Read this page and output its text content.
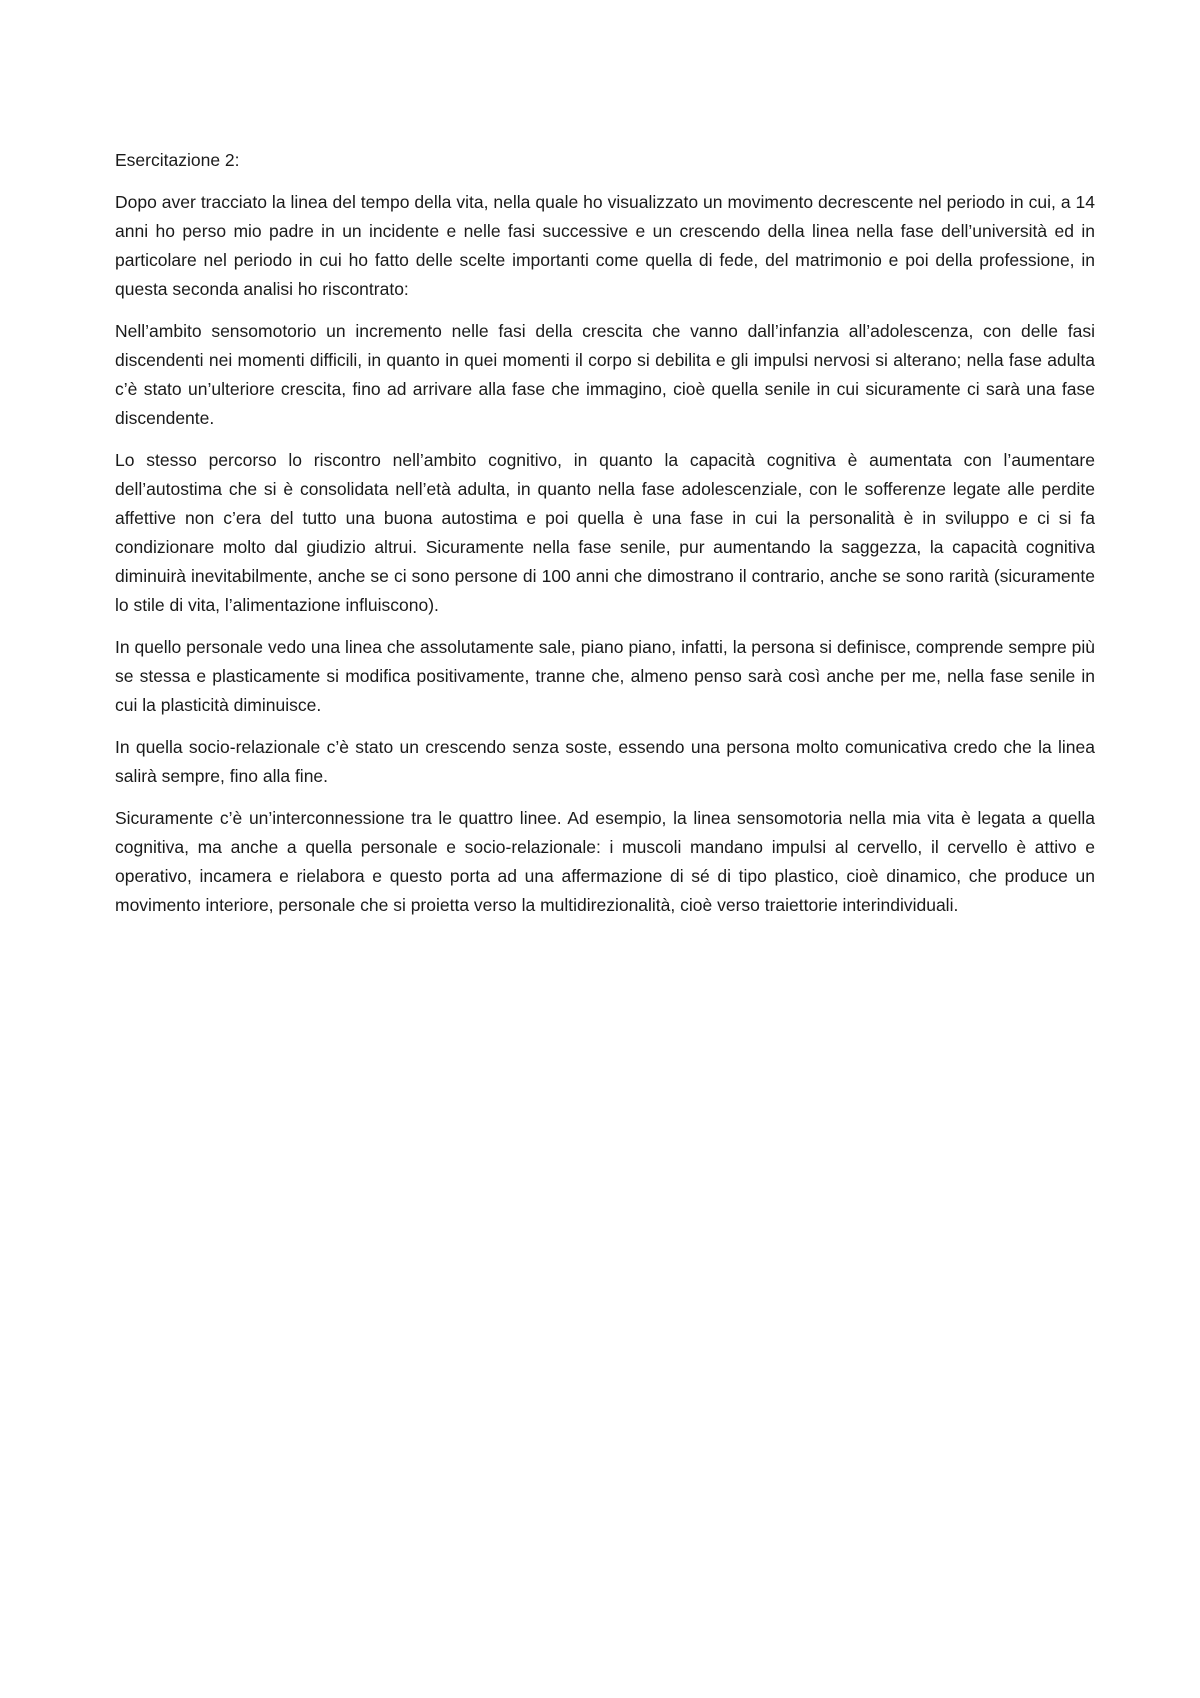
Esercitazione 2:

Dopo aver tracciato la linea del tempo della vita, nella quale ho visualizzato un movimento decrescente nel periodo in cui, a 14 anni ho perso mio padre in un incidente e nelle fasi successive e un crescendo della linea nella fase dell’università ed in particolare nel periodo in cui ho fatto delle scelte importanti come quella di fede, del matrimonio e poi della professione, in questa seconda analisi ho riscontrato:

Nell’ambito sensomotorio un incremento nelle fasi della crescita che vanno dall’infanzia all’adolescenza, con delle fasi discendenti nei momenti difficili, in quanto in quei momenti il corpo si debilita e gli impulsi nervosi si alterano; nella fase adulta c’è stato un’ulteriore crescita, fino ad arrivare alla fase che immagino, cioè quella senile in cui sicuramente ci sarà una fase discendente.

Lo stesso percorso lo riscontro nell’ambito cognitivo, in quanto la capacità cognitiva è aumentata con l’aumentare dell’autostima che si è consolidata nell’età adulta, in quanto nella fase adolescenziale, con le sofferenze legate alle perdite affettive non c’era del tutto una buona autostima e poi quella è una fase in cui la personalità è in sviluppo e ci si fa condizionare molto dal giudizio altrui. Sicuramente nella fase senile, pur aumentando la saggezza, la capacità cognitiva diminuirà inevitabilmente, anche se ci sono persone di 100 anni che dimostrano il contrario, anche se sono rarità (sicuramente lo stile di vita, l’alimentazione influiscono).

In quello personale vedo una linea che assolutamente sale, piano piano, infatti, la persona si definisce, comprende sempre più se stessa e plasticamente si modifica positivamente, tranne che, almeno penso sarà così anche per me, nella fase senile in cui la plasticità diminuisce.

In quella socio-relazionale c’è stato un crescendo senza soste, essendo una persona molto comunicativa credo che la linea salirà sempre, fino alla fine.

Sicuramente c’è un’interconnessione tra le quattro linee. Ad esempio, la linea sensomotoria nella mia vita è legata a quella cognitiva, ma anche a quella personale e socio-relazionale: i muscoli mandano impulsi al cervello, il cervello è attivo e operativo, incamera e rielabora e questo porta ad una affermazione di sé di tipo plastico, cioè dinamico, che produce un movimento interiore, personale che si proietta verso la multidirezionalità, cioè verso traiettorie interindividuali.
